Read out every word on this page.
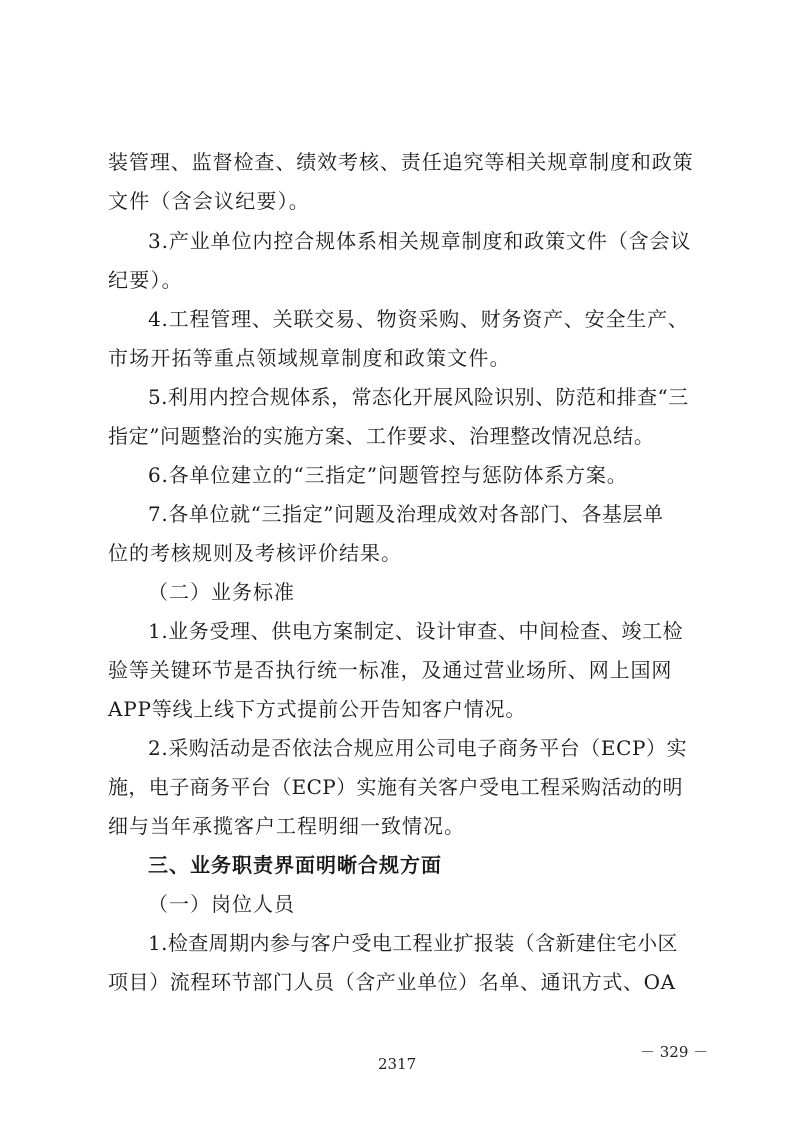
装管理、监督检查、绩效考核、责任追究等相关规章制度和政策
文件（含会议纪要）。
3.产业单位内控合规体系相关规章制度和政策文件（含会议
纪要）。
4.工程管理、关联交易、物资采购、财务资产、安全生产、
市场开拓等重点领域规章制度和政策文件。
5.利用内控合规体系，常态化开展风险识别、防范和排查“三
指定”问题整治的实施方案、工作要求、治理整改情况总结。
6.各单位建立的“三指定”问题管控与惩防体系方案。
7.各单位就“三指定”问题及治理成效对各部门、各基层单
位的考核规则及考核评价结果。
（二）业务标准
1.业务受理、供电方案制定、设计审查、中间检查、竣工检
验等关键环节是否执行统一标准，及通过营业场所、网上国网
APP等线上线下方式提前公开告知客户情况。
2.采购活动是否依法合规应用公司电子商务平台（ECP）实
施，电子商务平台（ECP）实施有关客户受电工程采购活动的明
细与当年承揽客户工程明细一致情况。
三、业务职责界面明晰合规方面
（一）岗位人员
1.检查周期内参与客户受电工程业扩报装（含新建住宅小区
项目）流程环节部门人员（含产业单位）名单、通讯方式、OA
－ 329 －
2317
